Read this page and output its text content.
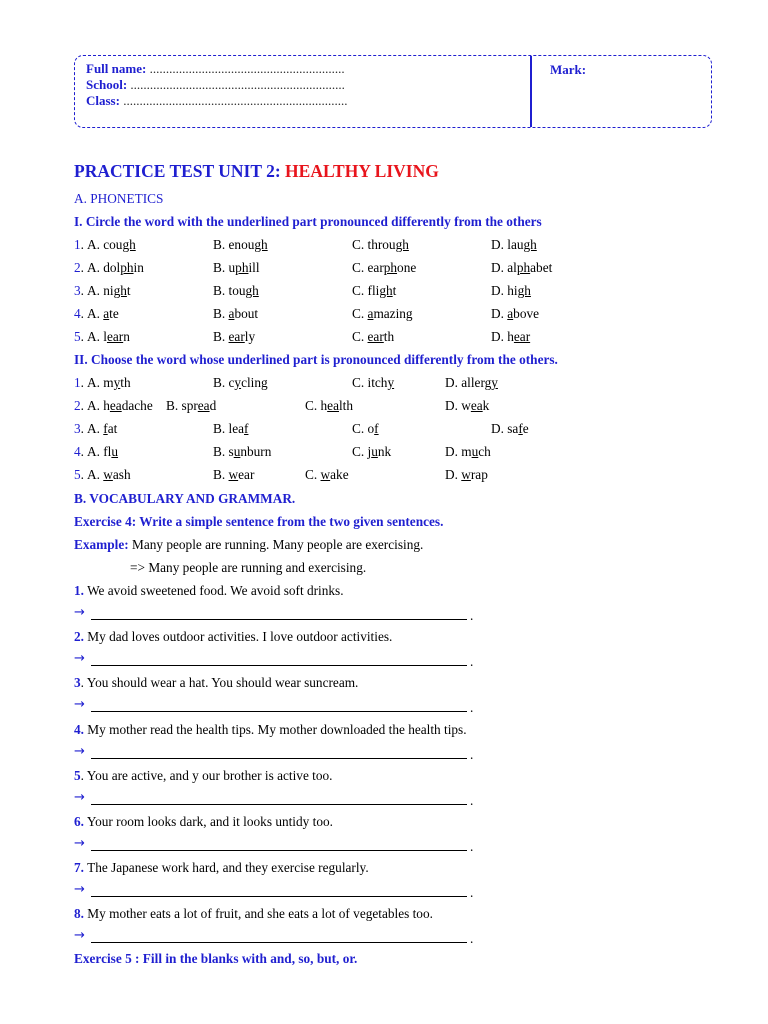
Full name: ............................................................
School: ..................................................................
Class: .....................................................................
Mark:
PRACTICE TEST UNIT 2: HEALTHY LIVING
A. PHONETICS
I. Circle the word with the underlined part pronounced differently from the others
1. A. cough	B. enough	C. through	D. laugh
2. A. dolphin	B. uphill	C. earphone	D. alphabet
3. A. night	B. tough	C. flight	D. high
4. A. ate	B. about	C. amazing	D. above
5. A. learn	B. early	C. earth	D. hear
II. Choose the word whose underlined part is pronounced differently from the others.
1. A. myth	B. cycling	C. itchy	D. allergy
2. A. headache B. spread	C. health	D. weak
3. A. fat	B. leaf	C. of	D. safe
4. A. flu	B. sunburn	C. junk	D. much
5. A. wash	B. wear	C. wake	D. wrap
B. VOCABULARY AND GRAMMAR.
Exercise 4: Write a simple sentence from the two given sentences.
Example: Many people are running. Many people are exercising.
=> Many people are running and exercising.
1. We avoid sweetened food. We avoid soft drinks.
→	.
2. My dad loves outdoor activities. I love outdoor activities.
→	.
3. You should wear a hat. You should wear suncream.
→	.
4. My mother read the health tips. My mother downloaded the health tips.
→	.
5. You are active, and y our brother is active too.
→	.
6. Your room looks dark, and it looks untidy too.
→	.
7. The Japanese work hard, and they exercise regularly.
→	.
8. My mother eats a lot of fruit, and she eats a lot of vegetables too.
→	.
Exercise 5 : Fill in the blanks with and, so, but, or.
